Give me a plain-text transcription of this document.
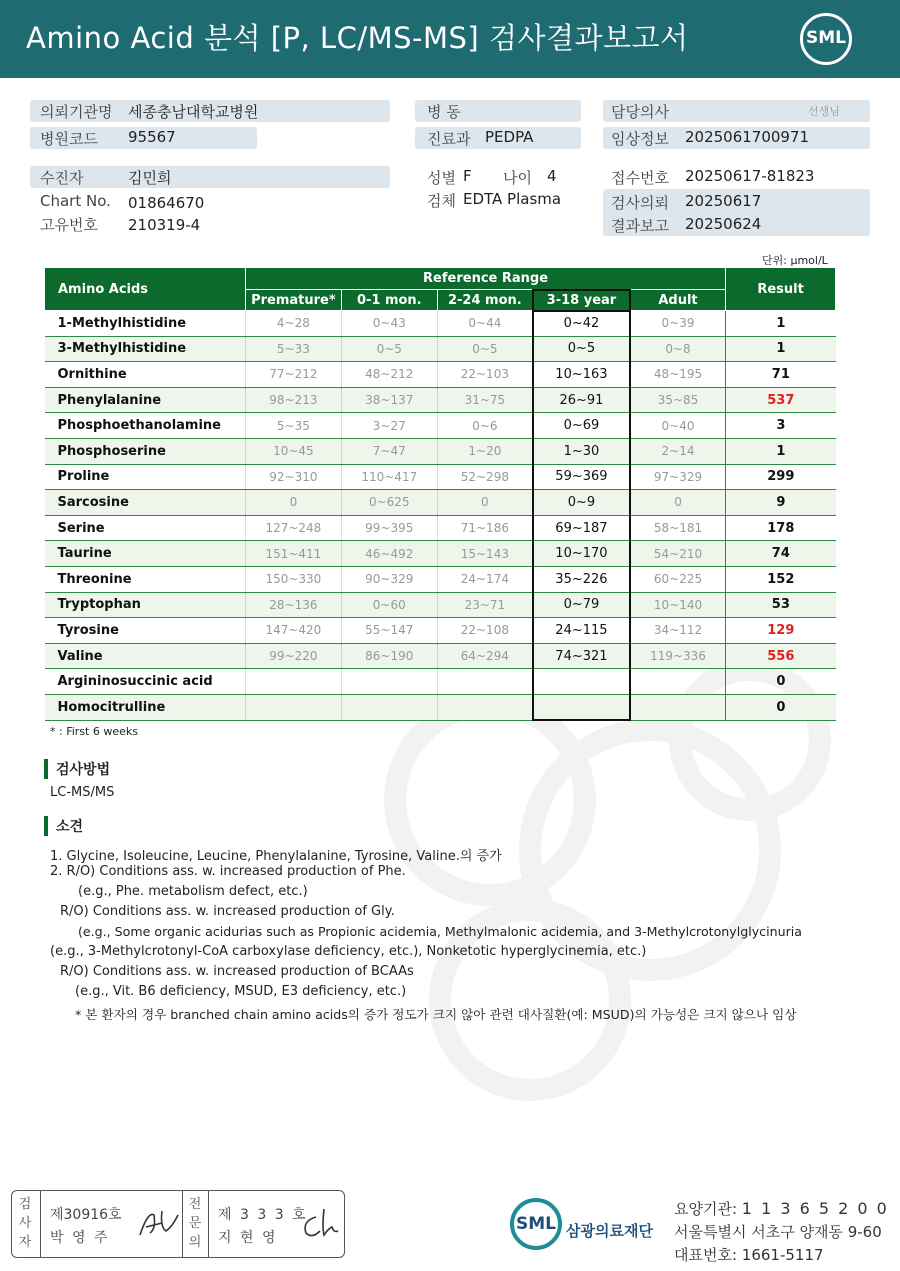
Amino Acid 분석 [P, LC/MS-MS] 검사결과보고서	SML
의뢰기관명 세종충남대학교병원
병원코드 95567
수진자	김민희
Chart No. 01864670
고유번호 210319-4
병 동
진료과 PEDPA
성별 F 나이 4
검체 EDTA Plasma
담당의사	선생님
임상정보 2025061700971
접수번호 20250617-81823
검사의뢰 20250617
결과보고 20250624
단위: μmol/L
Amino Acids	Reference Range					Result
	Premature*	0-1 mon.	2-24 mon.	3-18 year	Adult	
1-Methylhistidine	4~28	0~43	0~44	0~42	0~39	1
3-Methylhistidine	5~33	0~5	0~5	0~5	0~8	1
Ornithine	77~212	48~212	22~103	10~163	48~195	71
Phenylalanine	98~213	38~137	31~75	26~91	35~85	537
Phosphoethanolamine	5~35	3~27	0~6	0~69	0~40	3
Phosphoserine	10~45	7~47	1~20	1~30	2~14	1
Proline	92~310	110~417	52~298	59~369	97~329	299
Sarcosine	0	0~625	0	0~9	0	9
Serine	127~248	99~395	71~186	69~187	58~181	178
Taurine	151~411	46~492	15~143	10~170	54~210	74
Threonine	150~330	90~329	24~174	35~226	60~225	152
Tryptophan	28~136	0~60	23~71	0~79	10~140	53
Tyrosine	147~420	55~147	22~108	24~115	34~112	129
Valine	99~220	86~190	64~294	74~321	119~336	556
Argininosuccinic acid						0
Homocitrulline						0
* : First 6 weeks
검사방법
LC-MS/MS
소견
1. Glycine, Isoleucine, Leucine, Phenylalanine, Tyrosine, Valine.의 증가
2. R/O) Conditions ass. w. increased production of Phe.
(e.g., Phe. metabolism defect, etc.)
R/O) Conditions ass. w. increased production of Gly.
(e.g., Some organic acidurias such as Propionic acidemia, Methylmalonic acidemia, and 3-Methylcrotonylglycinuria
(e.g., 3-Methylcrotonyl-CoA carboxylase deficiency, etc.), Nonketotic hyperglycinemia, etc.)
R/O) Conditions ass. w. increased production of BCAAs
(e.g., Vit. B6 deficiency, MSUD, E3 deficiency, etc.)
* 본 환자의 경우 branched chain amino acids의 증가 정도가 크지 않아 관련 대사질환(예: MSUD)의 가능성은 크지 않으나 임상
검
사
자
제30916호
박 영 주
전
문
의
제 3 3 3 호
지 현 영
SML 삼광의료재단
요양기관: 1 1 3 6 5 2 0 0
서울특별시 서초구 양재동 9-60
대표번호: 1661-5117
